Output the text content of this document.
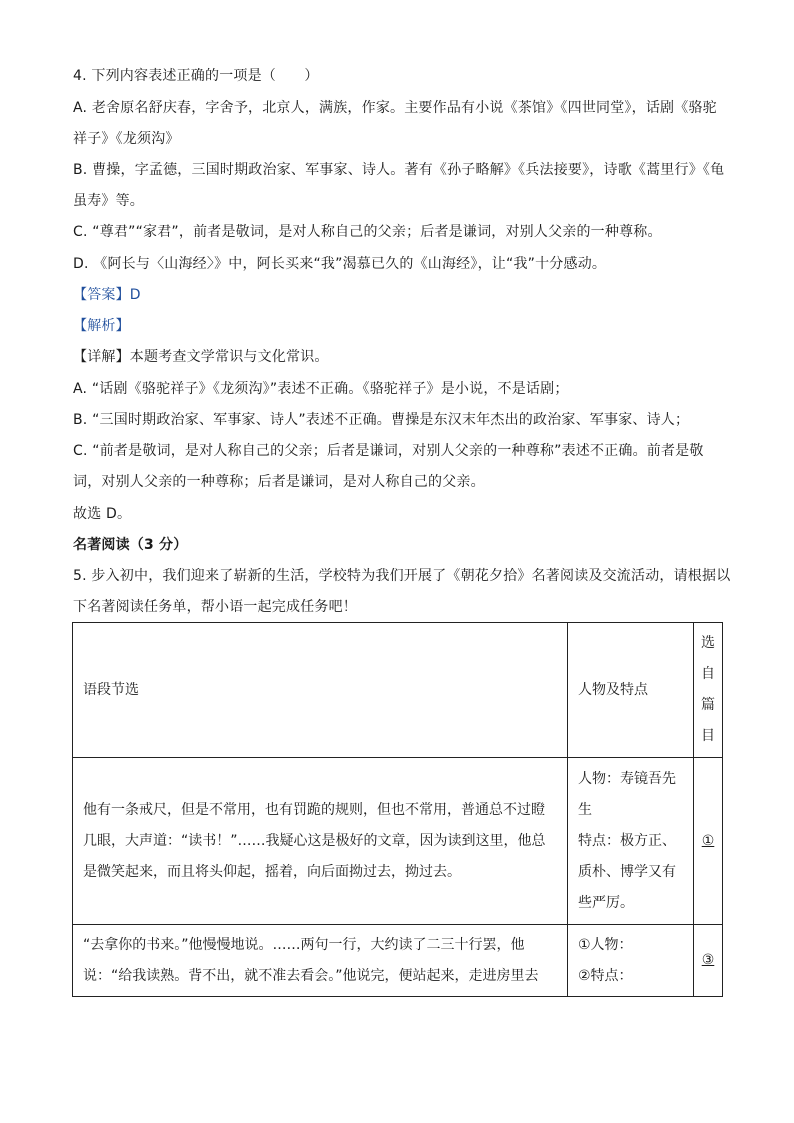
4. 下列内容表述正确的一项是（　　）
A. 老舍原名舒庆春，字舍予，北京人，满族，作家。主要作品有小说《茶馆》《四世同堂》，话剧《骆驼
祥子》《龙须沟》
B. 曹操，字孟德，三国时期政治家、军事家、诗人。著有《孙子略解》《兵法接要》，诗歌《蒿里行》《龟
虽寿》等。
C. “尊君”“家君”，前者是敬词，是对人称自己的父亲；后者是谦词，对别人父亲的一种尊称。
D. 《阿长与〈山海经〉》中，阿长买来“我”渴慕已久的《山海经》，让“我”十分感动。
【答案】D
【解析】
【详解】本题考查文学常识与文化常识。
A. “话剧《骆驼祥子》《龙须沟》”表述不正确。《骆驼祥子》是小说，不是话剧；
B. “三国时期政治家、军事家、诗人”表述不正确。曹操是东汉末年杰出的政治家、军事家、诗人；
C. “前者是敬词，是对人称自己的父亲；后者是谦词，对别人父亲的一种尊称”表述不正确。前者是敬
词，对别人父亲的一种尊称；后者是谦词，是对人称自己的父亲。
故选 D。
名著阅读（3 分）
5. 步入初中，我们迎来了崭新的生活，学校特为我们开展了《朝花夕拾》名著阅读及交流活动，请根据以
下名著阅读任务单，帮小语一起完成任务吧！
语段节选	人物及特点	选自篇目
他有一条戒尺，但是不常用，也有罚跪的规则，但也不常用，普通总不过瞪几眼，大声道：“读书！”……我疑心这是极好的文章，因为读到这里，他总是微笑起来，而且将头仰起，摇着，向后面拗过去，拗过去。	人物：寿镜吾先生
特点：极方正、质朴、博学又有些严厉。	①
“去拿你的书来。”他慢慢地说。……两句一行，大约读了二三十行罢，他说：“给我读熟。背不出，就不准去看会。”他说完，便站起来，走进房里去	①人物：
②特点：	③
